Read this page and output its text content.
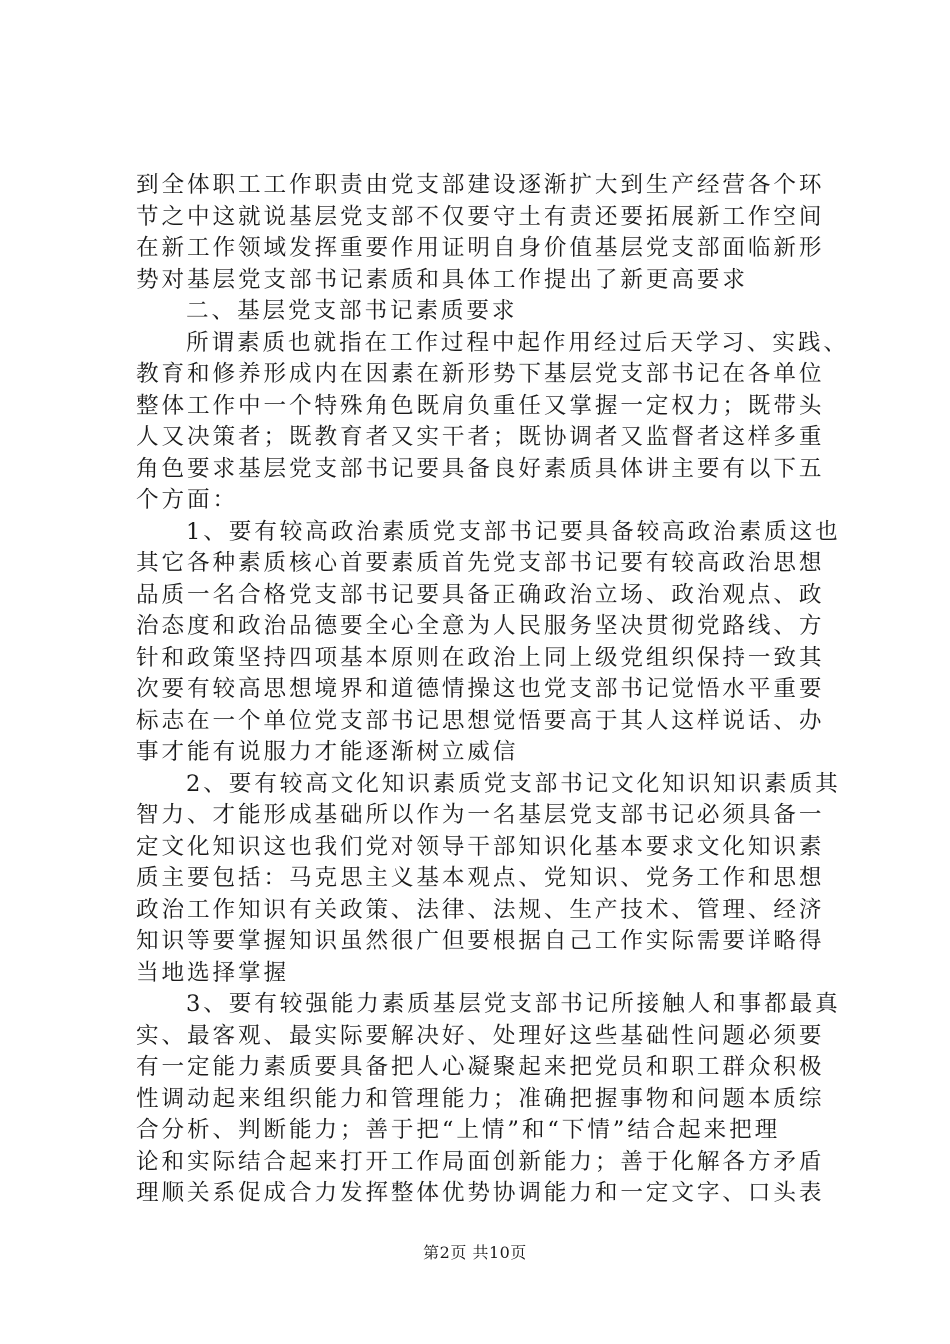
到全体职工工作职责由党支部建设逐渐扩大到生产经营各个环
节之中这就说基层党支部不仅要守土有责还要拓展新工作空间
在新工作领域发挥重要作用证明自身价值基层党支部面临新形
势对基层党支部书记素质和具体工作提出了新更高要求
二、基层党支部书记素质要求
所谓素质也就指在工作过程中起作用经过后天学习、实践、
教育和修养形成内在因素在新形势下基层党支部书记在各单位
整体工作中一个特殊角色既肩负重任又掌握一定权力；既带头
人又决策者；既教育者又实干者；既协调者又监督者这样多重
角色要求基层党支部书记要具备良好素质具体讲主要有以下五
个方面：
1、要有较高政治素质党支部书记要具备较高政治素质这也
其它各种素质核心首要素质首先党支部书记要有较高政治思想
品质一名合格党支部书记要具备正确政治立场、政治观点、政
治态度和政治品德要全心全意为人民服务坚决贯彻党路线、方
针和政策坚持四项基本原则在政治上同上级党组织保持一致其
次要有较高思想境界和道德情操这也党支部书记觉悟水平重要
标志在一个单位党支部书记思想觉悟要高于其人这样说话、办
事才能有说服力才能逐渐树立威信
2、要有较高文化知识素质党支部书记文化知识知识素质其
智力、才能形成基础所以作为一名基层党支部书记必须具备一
定文化知识这也我们党对领导干部知识化基本要求文化知识素
质主要包括：马克思主义基本观点、党知识、党务工作和思想
政治工作知识有关政策、法律、法规、生产技术、管理、经济
知识等要掌握知识虽然很广但要根据自己工作实际需要详略得
当地选择掌握
3、要有较强能力素质基层党支部书记所接触人和事都最真
实、最客观、最实际要解决好、处理好这些基础性问题必须要
有一定能力素质要具备把人心凝聚起来把党员和职工群众积极
性调动起来组织能力和管理能力；准确把握事物和问题本质综
合分析、判断能力；善于把“上情”和“下情”结合起来把理
论和实际结合起来打开工作局面创新能力；善于化解各方矛盾
理顺关系促成合力发挥整体优势协调能力和一定文字、口头表
第2页 共10页
